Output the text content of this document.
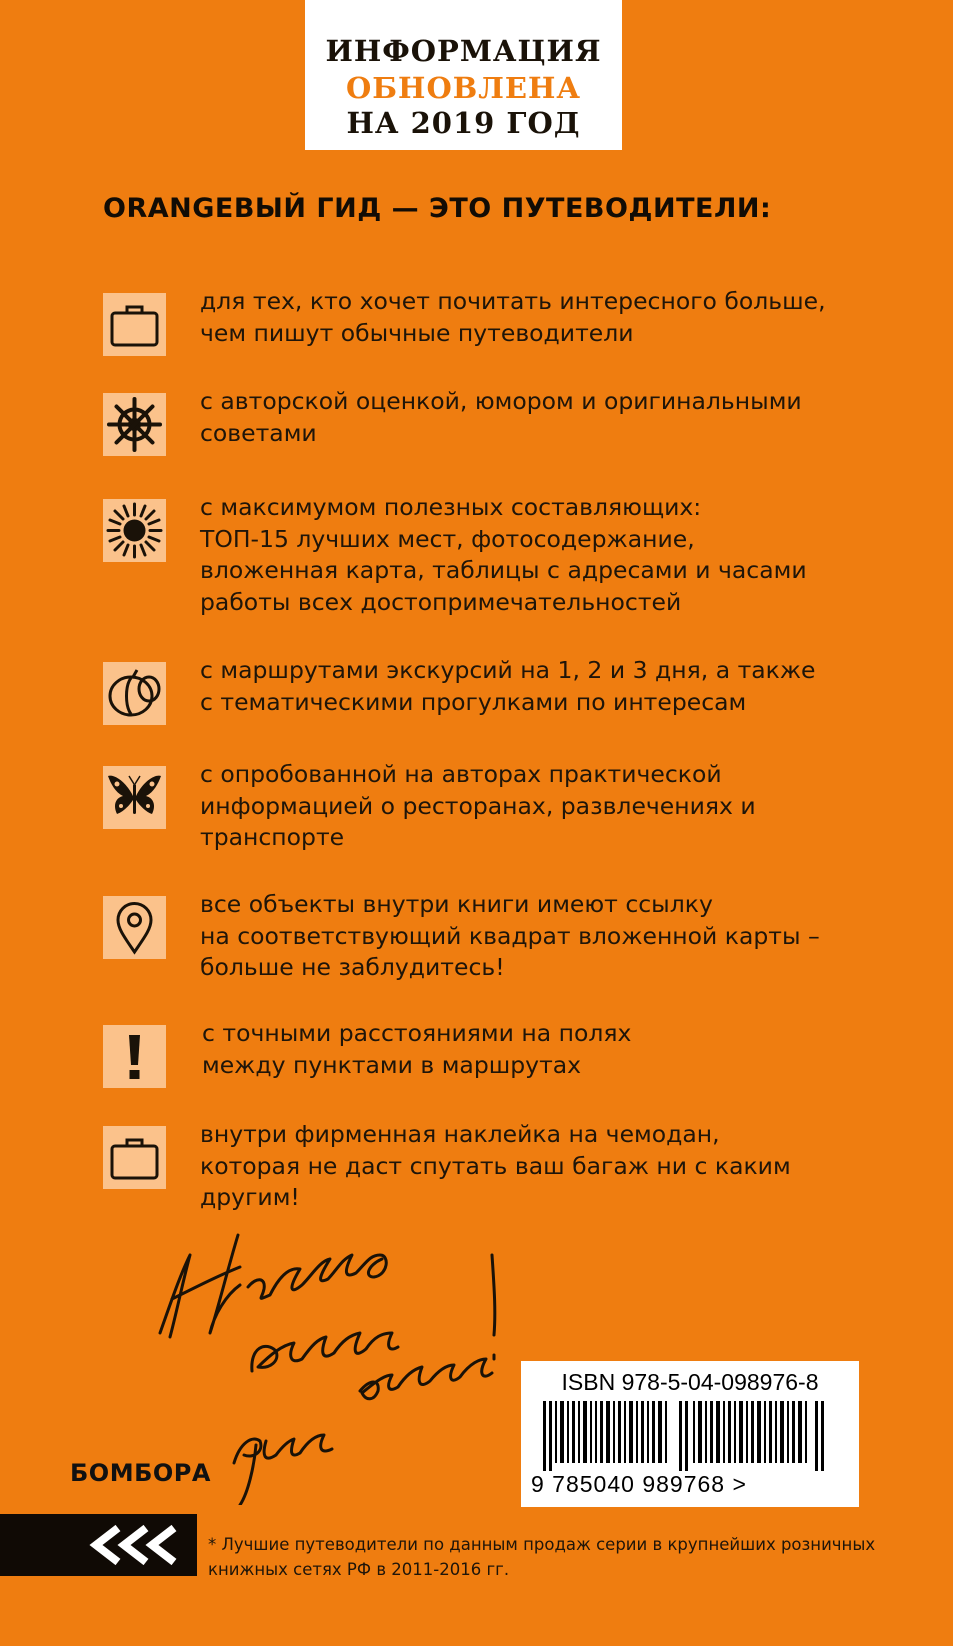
ИНФОРМАЦИЯ
ОБНОВЛЕНА
НА 2019 ГОД
ORANGEВЫЙ ГИД — ЭТО ПУТЕВОДИТЕЛИ:
для тех, кто хочет почитать интересного больше,
чем пишут обычные путеводители
с авторской оценкой, юмором и оригинальными
советами
с максимумом полезных составляющих:
ТОП-15 лучших мест, фотосодержание,
вложенная карта, таблицы с адресами и часами
работы всех достопримечательностей
с маршрутами экскурсий на 1, 2 и 3 дня, а также
с тематическими прогулками по интересам
с опробованной на авторах практической
информацией о ресторанах, развлечениях и
транспорте
все объекты внутри книги имеют ссылку
на соответствующий квадрат вложенной карты –
больше не заблудитесь!
с точными расстояниями на полях
между пунктами в маршрутах
внутри фирменная наклейка на чемодан,
которая не даст спутать ваш багаж ни с каким
другим!
ISBN 978-5-04-098976-8
9 785040 989768 >
БОМБОРА
* Лучшие путеводители по данным продаж серии в крупнейших розничных
книжных сетях РФ в 2011-2016 гг.
